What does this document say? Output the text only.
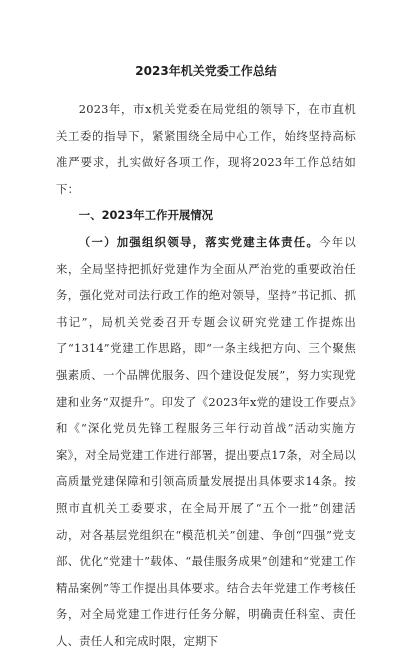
2023年机关党委工作总结

2023年，市x机关党委在局党组的领导下，在市直机关工委的指导下，紧紧围绕全局中心工作，始终坚持高标准严要求，扎实做好各项工作，现将2023年工作总结如下：

一、2023年工作开展情况

（一）加强组织领导，落实党建主体责任。今年以来，全局坚持把抓好党建作为全面从严治党的重要政治任务，强化党对司法行政工作的绝对领导，坚持“书记抓、抓书记”，局机关党委召开专题会议研究党建工作提炼出了“1314”党建工作思路，即“一条主线把方向、三个聚焦强素质、一个品牌优服务、四个建设促发展”，努力实现党建和业务“双提升”。印发了《2023年x党的建设工作要点》和《“深化党员先锋工程服务三年行动首战”活动实施方案》，对全局党建工作进行部署，提出要点17条，对全局以高质量党建保障和引领高质量发展提出具体要求14条。按照市直机关工委要求，在全局开展了“五个一批”创建活动，对各基层党组织在“模范机关”创建、争创“四强”党支部、优化“党建十”载体、“最佳服务成果”创建和“党建工作精品案例”等工作提出具体要求。结合去年党建工作考核任务，对全局党建工作进行任务分解，明确责任科室、责任人、责任人和完成时限，定期下
